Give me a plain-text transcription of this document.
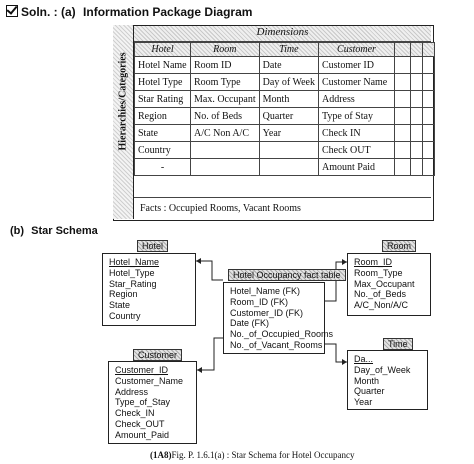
Soln. : (a) Information Package Diagram
Hierarchies/Categories
Dimensions
Hotel	Room	Time	Customer			
Hotel Name	Room ID	Date	Customer ID			
Hotel Type	Room Type	Day of Week	Customer Name			
Star Rating	Max. Occupant	Month	Address			
Region	No. of Beds	Quarter	Type of Stay			
State	A/C Non A/C	Year	Check IN			
Country			Check OUT			
-			Amount Paid			
Facts : Occupied Rooms, Vacant Rooms
(b) Star Schema
Hotel
Hotel_Name
Hotel_Type
Star_Rating
Region
State
Country
Hotel Occupancy fact table
Hotel_Name (FK)
Room_ID (FK)
Customer_ID (FK)
Date (FK)
No._of_Occupied_Rooms
No._of_Vacant_Rooms
Room
Room_ID
Room_Type
Max_Occupant
No._of_Beds
A/C_Non/A/C
Customer
Customer_ID
Customer_Name
Address
Type_of_Stay
Check_IN
Check_OUT
Amount_Paid
Time
Da...
Day_of_Week
Month
Quarter
Year
(1A8)Fig. P. 1.6.1(a) : Star Schema for Hotel Occupancy
